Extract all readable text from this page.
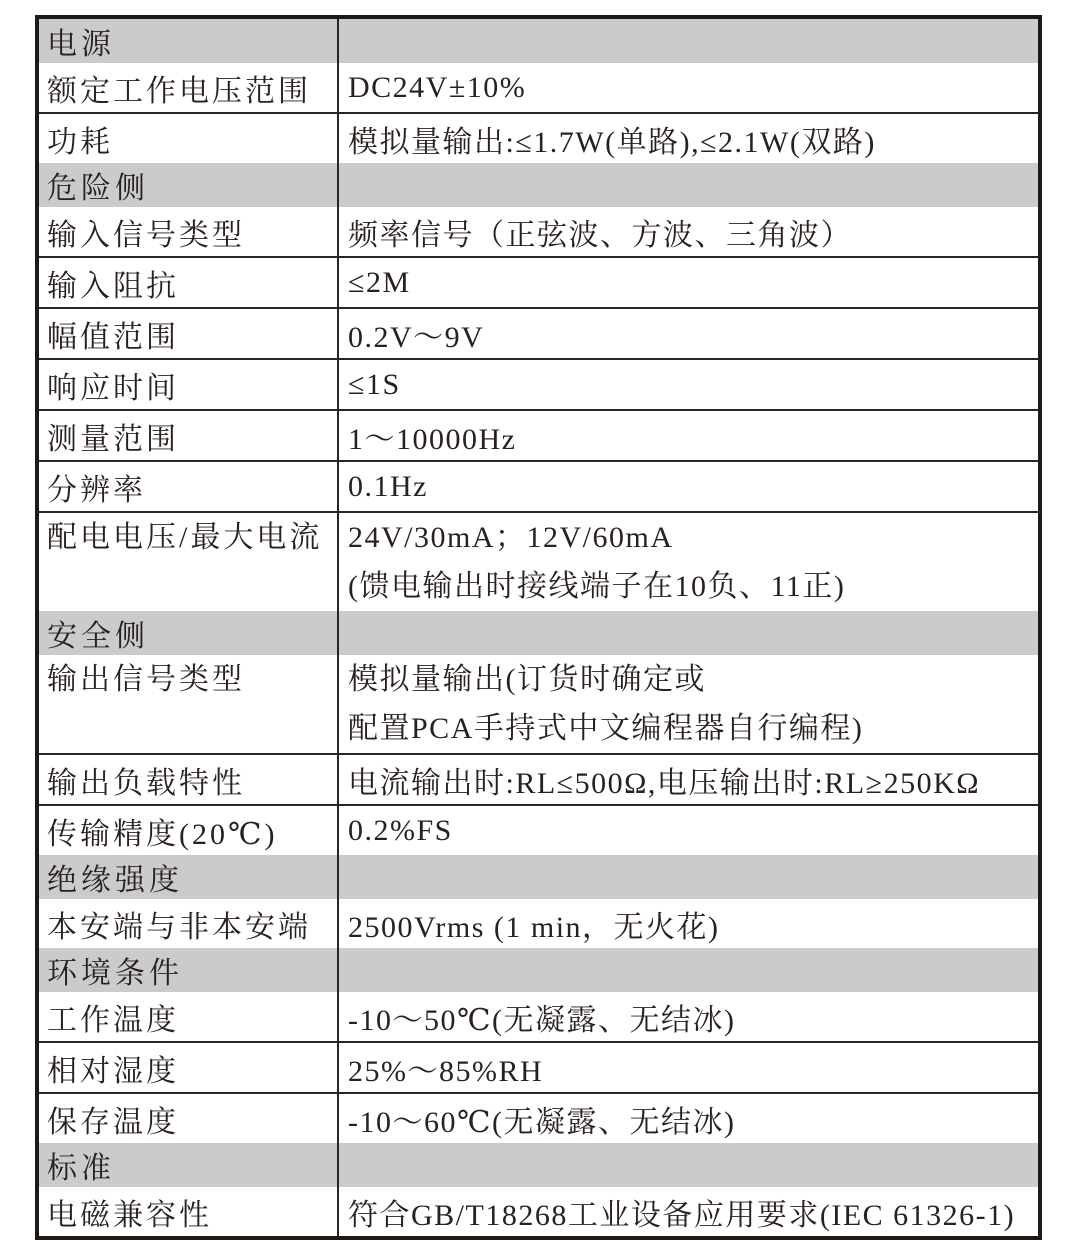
电源
额定工作电压范围	DC24V±10%
功耗	模拟量输出:≤1.7W(单路),≤2.1W(双路)
危险侧
输入信号类型	频率信号（正弦波、方波、三角波）
输入阻抗	≤2M
幅值范围	0.2V～9V
响应时间	≤1S
测量范围	1～10000Hz
分辨率	0.1Hz
配电电压/最大电流 24V/30mA；12V/60mA
(馈电输出时接线端子在10负、11正)
安全侧
输出信号类型	模拟量输出(订货时确定或
配置PCA手持式中文编程器自行编程)
输出负载特性	电流输出时:RL≤500Ω,电压输出时:RL≥250KΩ
传输精度(20℃)	0.2%FS
绝缘强度
本安端与非本安端	2500Vrms (1 min，无火花)
环境条件
工作温度	-10～50℃(无凝露、无结冰)
相对湿度	25%～85%RH
保存温度	-10～60℃(无凝露、无结冰)
标准
电磁兼容性	符合GB/T18268工业设备应用要求(IEC 61326-1)
